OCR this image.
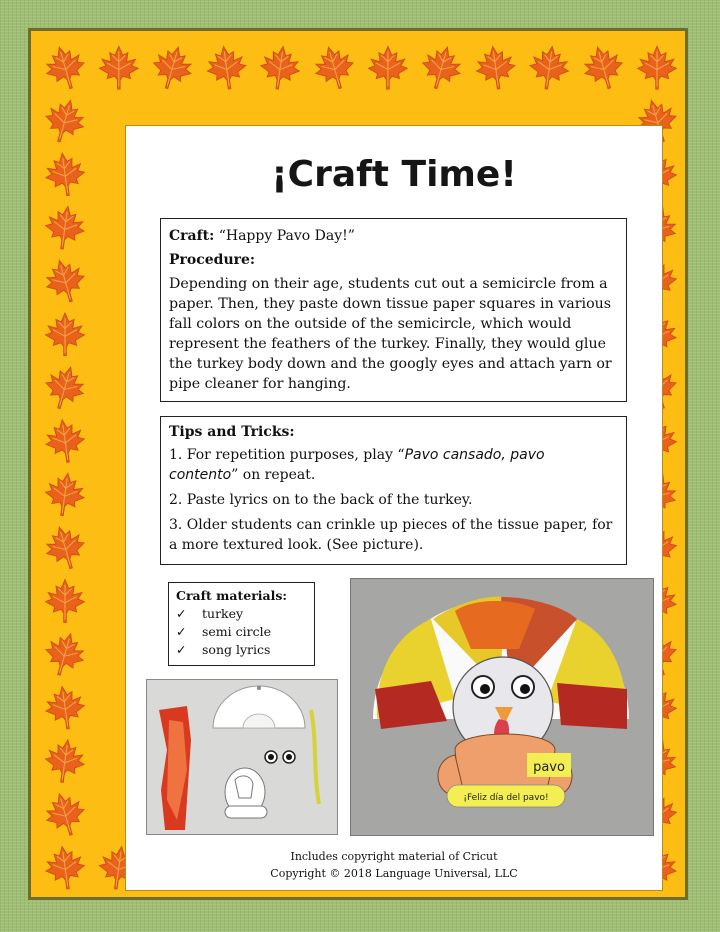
¡Craft Time!

Craft: “Happy Pavo Day!”

Procedure:
Depending on their age, students cut out a semicircle from a paper. Then, they paste down tissue paper squares in various fall colors on the outside of the semicircle, which would represent the feathers of the turkey. Finally, they would glue the turkey body down and the googly eyes and attach yarn or pipe cleaner for hanging.
Tips and Tricks:
1. For repetition purposes, play “Pavo cansado, pavo contento” on repeat.
2. Paste lyrics on to the back of the turkey.
3. Older students can crinkle up pieces of the tissue paper, for a more textured look. (See picture).
Craft materials:
✓	turkey
✓	semi circle
✓	song lyrics
pavo
¡Feliz día del pavo!
Includes copyright material of Cricut
Copyright © 2018 Language Universal, LLC
